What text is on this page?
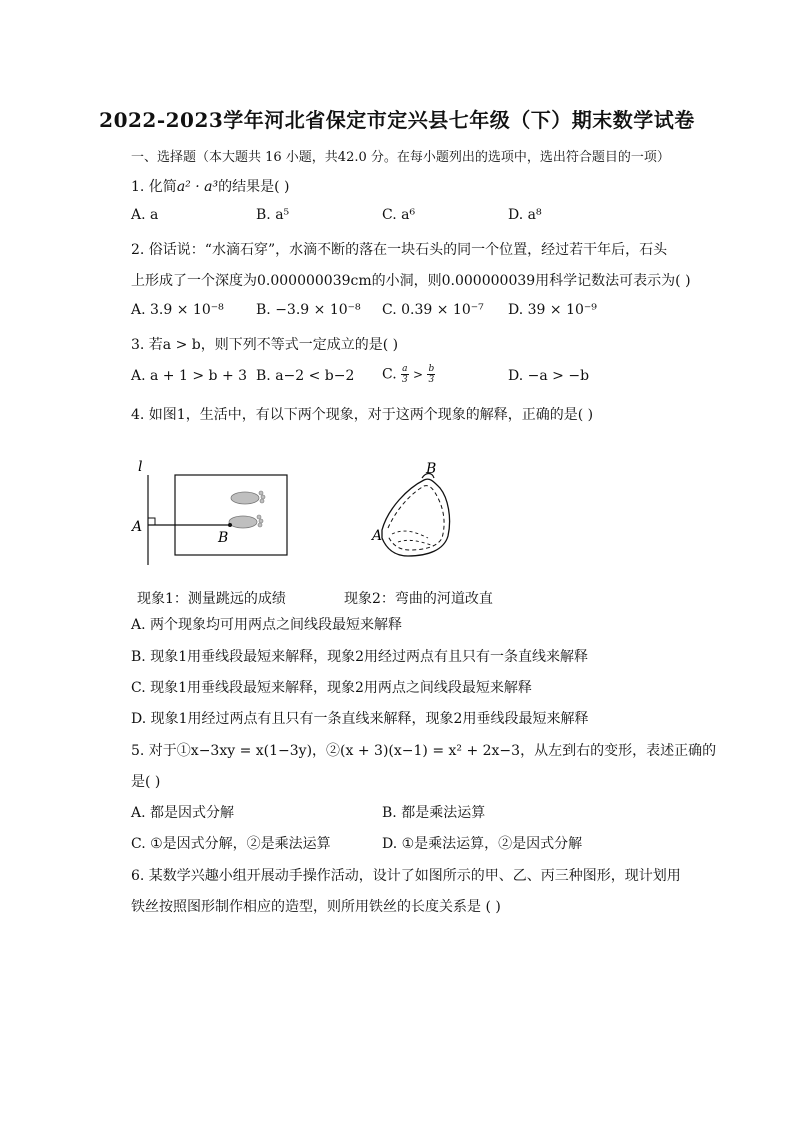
2022-2023学年河北省保定市定兴县七年级（下）期末数学试卷
一、选择题（本大题共 16 小题，共42.0 分。在每小题列出的选项中，选出符合题目的一项）
1. 化简a² · a³的结果是( )
A. a	B. a⁵	C. a⁶	D. a⁸
2. 俗话说：“水滴石穿”，水滴不断的落在一块石头的同一个位置，经过若干年后，石头
上形成了一个深度为0.000000039cm的小洞，则0.000000039用科学记数法可表示为( )
A. 3.9 × 10⁻⁸ B. −3.9 × 10⁻⁸ C. 0.39 × 10⁻⁷ D. 39 × 10⁻⁹
3. 若a > b，则下列不等式一定成立的是( )
A. a + 1 > b + 3 B. a−2 < b−2 C. $\frac{a}{3} > \frac{b}{3}$	D. −a > −b
4. 如图1，生活中，有以下两个现象，对于这两个现象的解释，正确的是( )
l
A
B
B
A
现象1：测量跳远的成绩	现象2：弯曲的河道改直
A. 两个现象均可用两点之间线段最短来解释
B. 现象1用垂线段最短来解释，现象2用经过两点有且只有一条直线来解释
C. 现象1用垂线段最短来解释，现象2用两点之间线段最短来解释
D. 现象1用经过两点有且只有一条直线来解释，现象2用垂线段最短来解释
5. 对于①x−3xy = x(1−3y)，②(x + 3)(x−1) = x² + 2x−3，从左到右的变形，表述正确的
是( )
A. 都是因式分解	B. 都是乘法运算
C. ①是因式分解，②是乘法运算	D. ①是乘法运算，②是因式分解
6. 某数学兴趣小组开展动手操作活动，设计了如图所示的甲、乙、丙三种图形，现计划用
铁丝按照图形制作相应的造型，则所用铁丝的长度关系是 ( )
